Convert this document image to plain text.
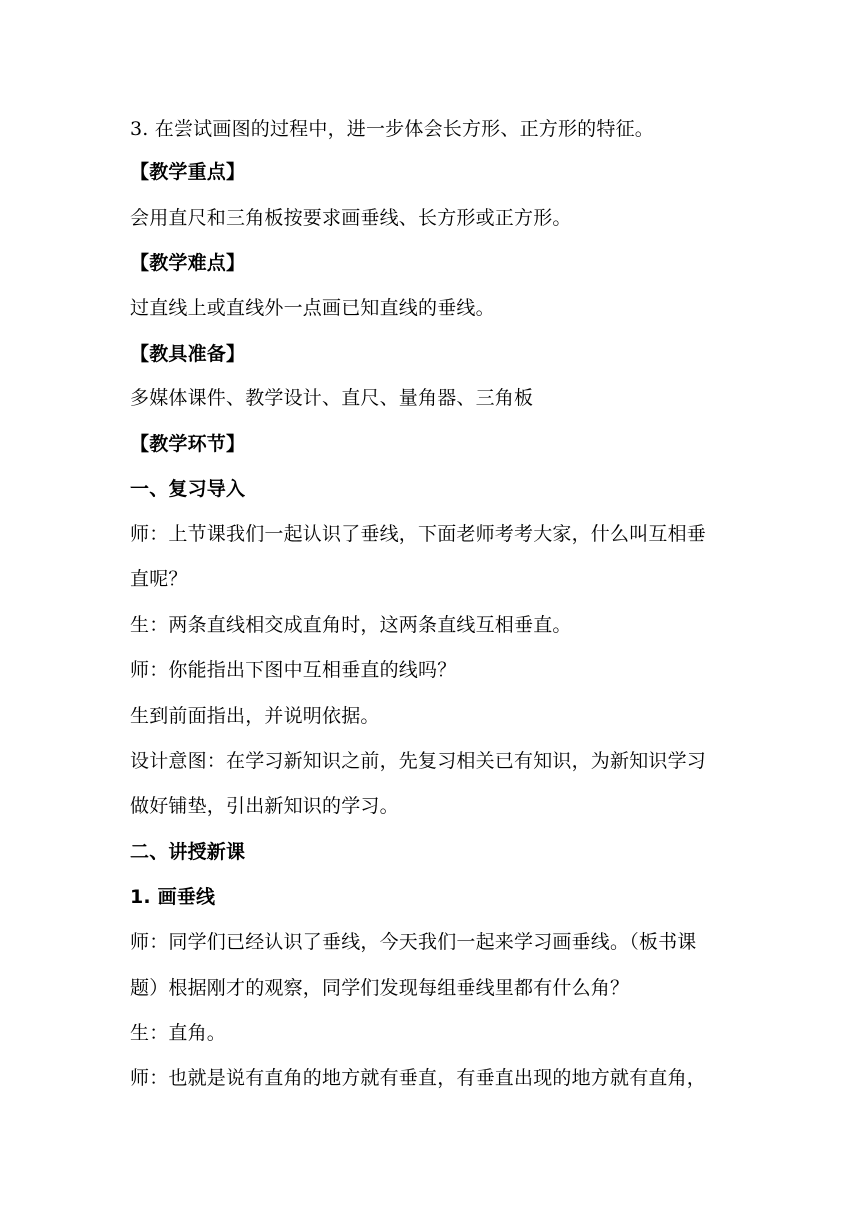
3. 在尝试画图的过程中，进一步体会长方形、正方形的特征。
【教学重点】
会用直尺和三角板按要求画垂线、长方形或正方形。
【教学难点】
过直线上或直线外一点画已知直线的垂线。
【教具准备】
多媒体课件、教学设计、直尺、量角器、三角板
【教学环节】
一、复习导入
师：上节课我们一起认识了垂线，下面老师考考大家，什么叫互相垂
直呢？
生：两条直线相交成直角时，这两条直线互相垂直。
师：你能指出下图中互相垂直的线吗？
生到前面指出，并说明依据。
设计意图：在学习新知识之前，先复习相关已有知识，为新知识学习
做好铺垫，引出新知识的学习。
二、讲授新课
1. 画垂线
师：同学们已经认识了垂线，今天我们一起来学习画垂线。（板书课
题）根据刚才的观察，同学们发现每组垂线里都有什么角？
生：直角。
师：也就是说有直角的地方就有垂直，有垂直出现的地方就有直角，
